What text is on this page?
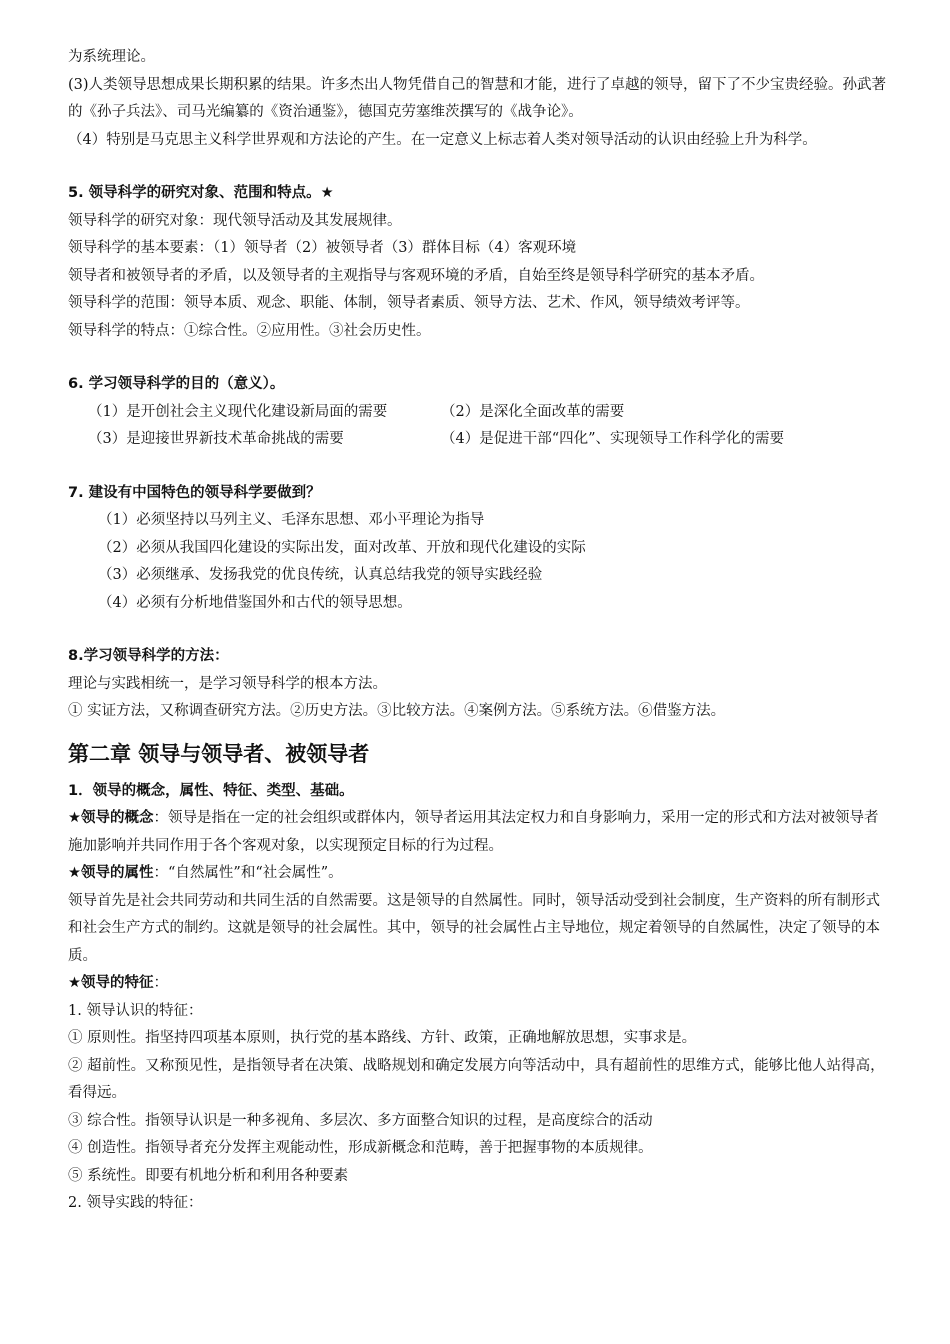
为系统理论。

(3)人类领导思想成果长期积累的结果。许多杰出人物凭借自己的智慧和才能，进行了卓越的领导，留下了不少宝贵经验。孙武著的《孙子兵法》、司马光编纂的《资治通鉴》，德国克劳塞维茨撰写的《战争论》。

（4）特别是马克思主义科学世界观和方法论的产生。在一定意义上标志着人类对领导活动的认识由经验上升为科学。

5. 领导科学的研究对象、范围和特点。★

领导科学的研究对象：现代领导活动及其发展规律。

领导科学的基本要素：（1）领导者（2）被领导者（3）群体目标（4）客观环境

领导者和被领导者的矛盾，以及领导者的主观指导与客观环境的矛盾，自始至终是领导科学研究的基本矛盾。

领导科学的范围：领导本质、观念、职能、体制，领导者素质、领导方法、艺术、作风，领导绩效考评等。

领导科学的特点：①综合性。②应用性。③社会历史性。

6. 学习领导科学的目的（意义）。

（1）是开创社会主义现代化建设新局面的需要	（2）是深化全面改革的需要
（3）是迎接世界新技术革命挑战的需要	（4）是促进干部“四化”、实现领导工作科学化的需要

7. 建设有中国特色的领导科学要做到？

（1）必须坚持以马列主义、毛泽东思想、邓小平理论为指导

（2）必须从我国四化建设的实际出发，面对改革、开放和现代化建设的实际

（3）必须继承、发扬我党的优良传统，认真总结我党的领导实践经验

（4）必须有分析地借鉴国外和古代的领导思想。

8.学习领导科学的方法：

理论与实践相统一，是学习领导科学的根本方法。

① 实证方法，又称调查研究方法。②历史方法。③比较方法。④案例方法。⑤系统方法。⑥借鉴方法。

第二章 领导与领导者、被领导者

1．领导的概念，属性、特征、类型、基础。

★领导的概念：领导是指在一定的社会组织或群体内，领导者运用其法定权力和自身影响力，采用一定的形式和方法对被领导者施加影响并共同作用于各个客观对象，以实现预定目标的行为过程。

★领导的属性：“自然属性”和“社会属性”。

领导首先是社会共同劳动和共同生活的自然需要。这是领导的自然属性。同时，领导活动受到社会制度，生产资料的所有制形式和社会生产方式的制约。这就是领导的社会属性。其中，领导的社会属性占主导地位，规定着领导的自然属性，决定了领导的本质。

★领导的特征：

1. 领导认识的特征：

① 原则性。指坚持四项基本原则，执行党的基本路线、方针、政策，正确地解放思想，实事求是。

② 超前性。又称预见性，是指领导者在决策、战略规划和确定发展方向等活动中，具有超前性的思维方式，能够比他人站得高，看得远。

③ 综合性。指领导认识是一种多视角、多层次、多方面整合知识的过程，是高度综合的活动

④ 创造性。指领导者充分发挥主观能动性，形成新概念和范畴，善于把握事物的本质规律。

⑤ 系统性。即要有机地分析和利用各种要素

2. 领导实践的特征：
